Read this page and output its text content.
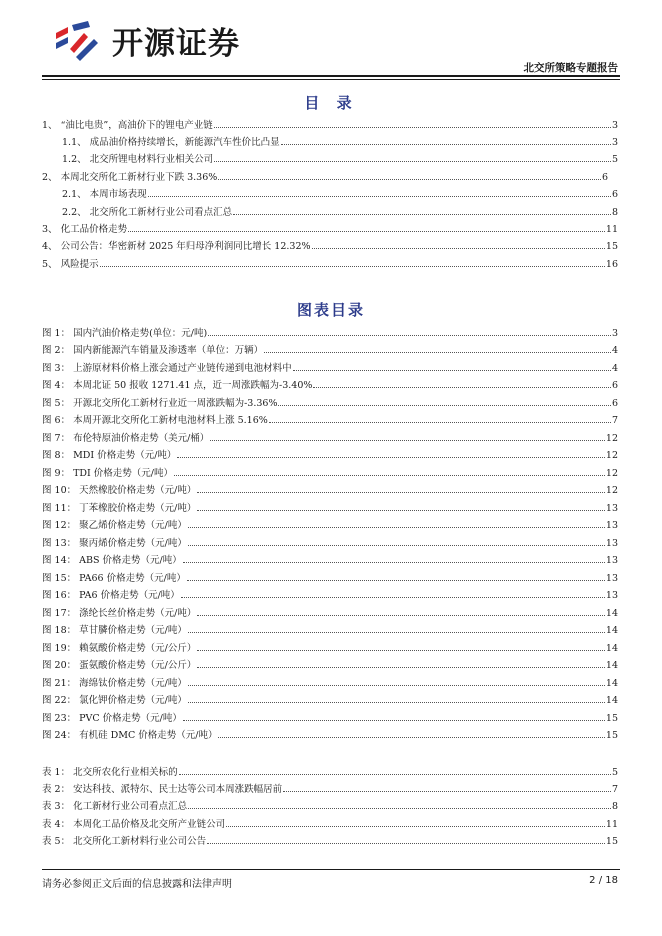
开源证券
北交所策略专题报告
目 录
1、 “油比电贵”，高油价下的锂电产业链	3
1.1、 成品油价格持续增长，新能源汽车性价比凸显	3
1.2、 北交所锂电材料行业相关公司	5
2、 本周北交所化工新材行业下跌 3.36%	6
2.1、 本周市场表现	6
2.2、 北交所化工新材行业公司看点汇总	8
3、 化工品价格走势	11
4、 公司公告：华密新材 2025 年归母净利润同比增长 12.32%	15
5、 风险提示	16
图表目录
图 1： 国内汽油价格走势(单位：元/吨)	3
图 2： 国内新能源汽车销量及渗透率（单位：万辆）	4
图 3： 上游原材料价格上涨会通过产业链传递到电池材料中	4
图 4： 本周北证 50 报收 1271.41 点，近一周涨跌幅为-3.40%	6
图 5： 开源北交所化工新材行业近一周涨跌幅为-3.36%	6
图 6： 本周开源北交所化工新材电池材料上涨 5.16%	7
图 7： 布伦特原油价格走势（美元/桶）	12
图 8： MDI 价格走势（元/吨）	12
图 9： TDI 价格走势（元/吨）	12
图 10： 天然橡胶价格走势（元/吨）	12
图 11： 丁苯橡胶价格走势（元/吨）	13
图 12： 聚乙烯价格走势（元/吨）	13
图 13： 聚丙烯价格走势（元/吨）	13
图 14： ABS 价格走势（元/吨）	13
图 15： PA66 价格走势（元/吨）	13
图 16： PA6 价格走势（元/吨）	13
图 17： 涤纶长丝价格走势（元/吨）	14
图 18： 草甘膦价格走势（元/吨）	14
图 19： 赖氨酸价格走势（元/公斤）	14
图 20： 蛋氨酸价格走势（元/公斤）	14
图 21： 海绵钛价格走势（元/吨）	14
图 22： 氯化钾价格走势（元/吨）	14
图 23： PVC 价格走势（元/吨）	15
图 24： 有机硅 DMC 价格走势（元/吨）	15
表 1： 北交所农化行业相关标的	5
表 2： 安达科技、派特尔、民士达等公司本周涨跌幅居前	7
表 3： 化工新材行业公司看点汇总	8
表 4： 本周化工品价格及北交所产业链公司	11
表 5： 北交所化工新材料行业公司公告	15
请务必参阅正文后面的信息披露和法律声明	2 / 18
